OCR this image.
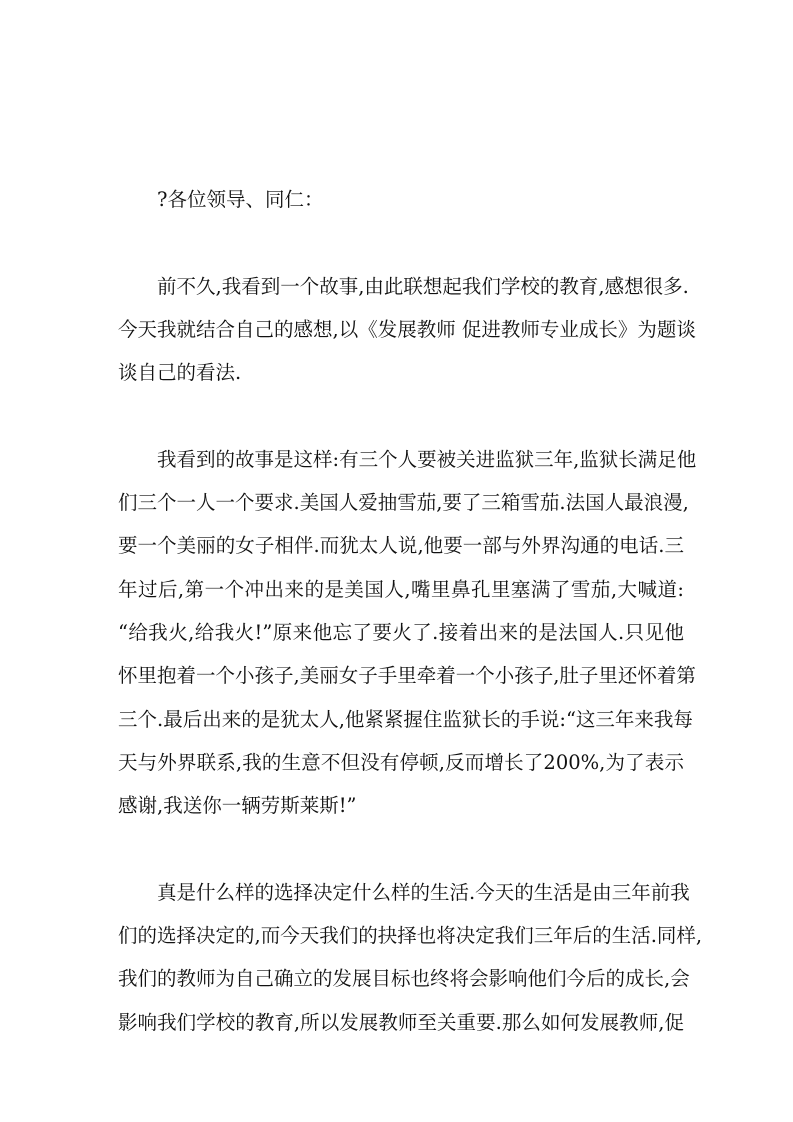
?各位领导、同仁：
前不久,我看到一个故事,由此联想起我们学校的教育,感想很多.
今天我就结合自己的感想,以《发展教师 促进教师专业成长》为题谈
谈自己的看法.
我看到的故事是这样:有三个人要被关进监狱三年,监狱长满足他
们三个一人一个要求.美国人爱抽雪茄,要了三箱雪茄.法国人最浪漫,
要一个美丽的女子相伴.而犹太人说,他要一部与外界沟通的电话.三
年过后,第一个冲出来的是美国人,嘴里鼻孔里塞满了雪茄,大喊道:
“给我火,给我火!”原来他忘了要火了.接着出来的是法国人.只见他
怀里抱着一个小孩子,美丽女子手里牵着一个小孩子,肚子里还怀着第
三个.最后出来的是犹太人,他紧紧握住监狱长的手说:“这三年来我每
天与外界联系,我的生意不但没有停顿,反而增长了200%,为了表示
感谢,我送你一辆劳斯莱斯!”
真是什么样的选择决定什么样的生活.今天的生活是由三年前我
们的选择决定的,而今天我们的抉择也将决定我们三年后的生活.同样,
我们的教师为自己确立的发展目标也终将会影响他们今后的成长,会
影响我们学校的教育,所以发展教师至关重要.那么如何发展教师,促
